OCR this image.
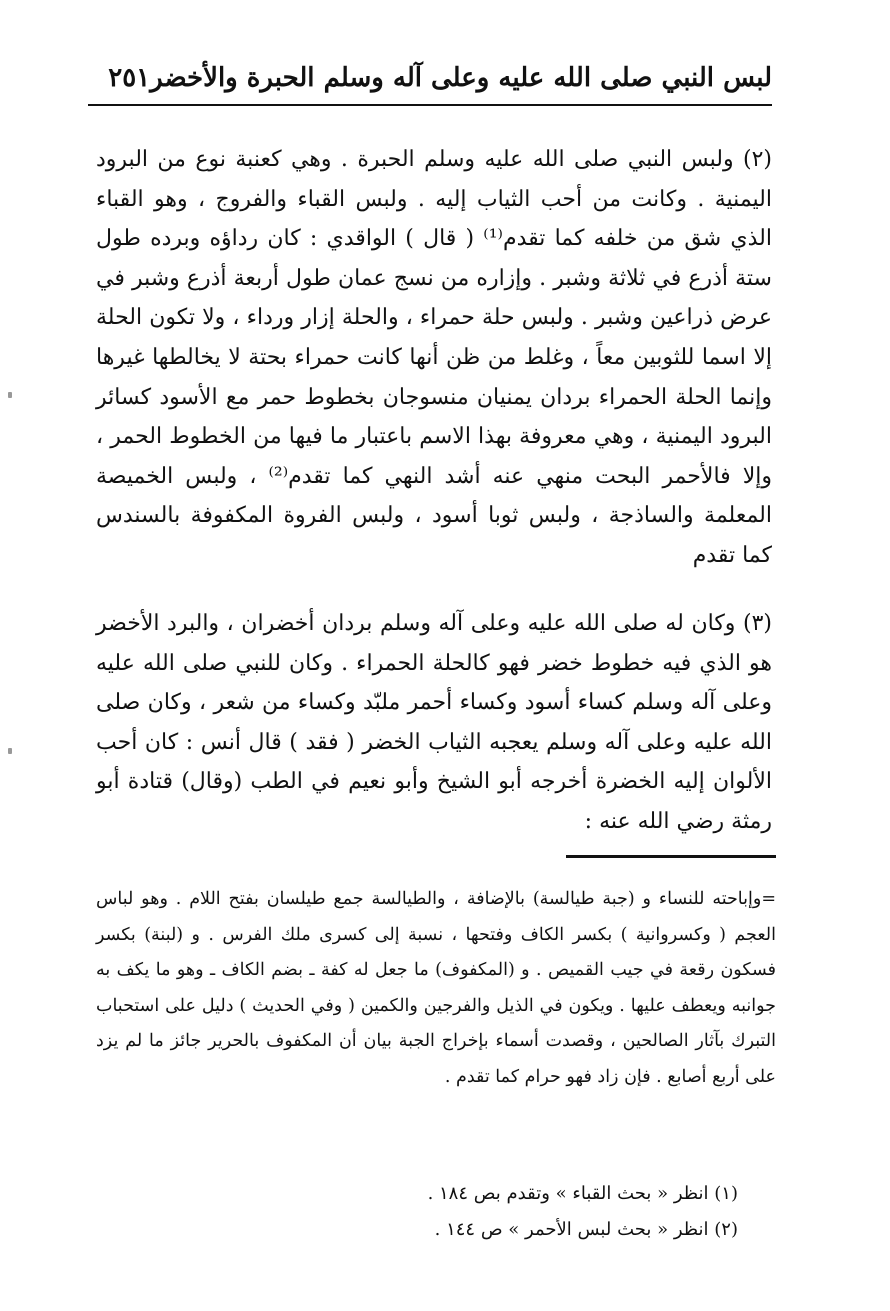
لبس النبي صلى الله عليه وعلى آله وسلم الحبرة والأخضر
٢٥١

(٢) ولبس النبي صلى الله عليه وسلم الحبرة . وهي كعنبة نوع من البرود اليمنية . وكانت من أحب الثياب إليه . ولبس القباء والفروج ، وهو القباء الذي شق من خلفه كما تقدم⁽¹⁾ ( قال ) الواقدي : كان رداؤه وبرده طول ستة أذرع في ثلاثة وشبر . وإزاره من نسج عمان طول أربعة أذرع وشبر في عرض ذراعين وشبر . ولبس حلة حمراء ، والحلة إزار ورداء ، ولا تكون الحلة إلا اسما للثوبين معاً ، وغلط من ظن أنها كانت حمراء بحتة لا يخالطها غيرها وإنما الحلة الحمراء بردان يمنيان منسوجان بخطوط حمر مع الأسود كسائر البرود اليمنية ، وهي معروفة بهذا الاسم باعتبار ما فيها من الخطوط الحمر ، وإلا فالأحمر البحت منهي عنه أشد النهي كما تقدم⁽²⁾ ، ولبس الخميصة المعلمة والساذجة ، ولبس ثوبا أسود ، ولبس الفروة المكفوفة بالسندس كما تقدم

(٣) وكان له صلى الله عليه وعلى آله وسلم بردان أخضران ، والبرد الأخضر هو الذي فيه خطوط خضر فهو كالحلة الحمراء . وكان للنبي صلى الله عليه وعلى آله وسلم كساء أسود وكساء أحمر ملبّد وكساء من شعر ، وكان صلى الله عليه وعلى آله وسلم يعجبه الثياب الخضر ( فقد ) قال أنس : كان أحب الألوان إليه الخضرة أخرجه أبو الشيخ وأبو نعيم في الطب (وقال) قتادة أبو رمثة رضي الله عنه :

=وإباحته للنساء و (جبة طيالسة) بالإضافة ، والطيالسة جمع طيلسان بفتح اللام . وهو لباس العجم ( وكسروانية ) بكسر الكاف وفتحها ، نسبة إلى كسرى ملك الفرس . و (لبنة) بكسر فسكون رقعة في جيب القميص . و (المكفوف) ما جعل له كفة ـ بضم الكاف ـ وهو ما يكف به جوانبه ويعطف عليها . ويكون في الذيل والفرجين والكمين ( وفي الحديث ) دليل على استحباب التبرك بآثار الصالحين ، وقصدت أسماء بإخراج الجبة بيان أن المكفوف بالحرير جائز ما لم يزد على أربع أصابع . فإن زاد فهو حرام كما تقدم .
(١) انظر « بحث القباء » وتقدم بص ١٨٤ .
(٢) انظر « بحث لبس الأحمر » ص ١٤٤ .
